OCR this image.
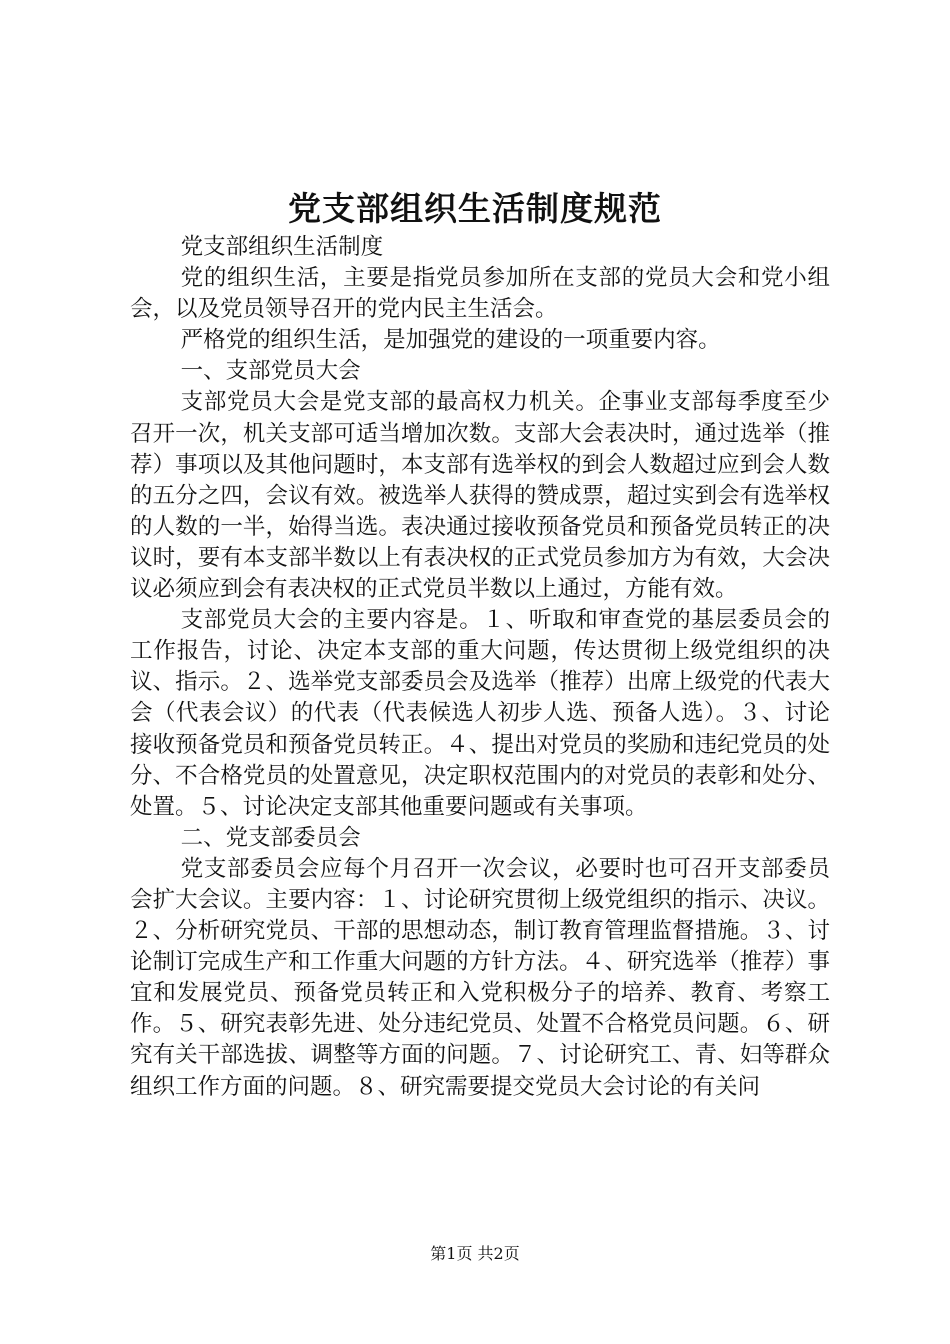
党支部组织生活制度规范

党支部组织生活制度

党的组织生活，主要是指党员参加所在支部的党员大会和党小组会，以及党员领导召开的党内民主生活会。

严格党的组织生活，是加强党的建设的一项重要内容。

一、支部党员大会

支部党员大会是党支部的最高权力机关。企事业支部每季度至少召开一次，机关支部可适当增加次数。支部大会表决时，通过选举（推荐）事项以及其他问题时，本支部有选举权的到会人数超过应到会人数的五分之四，会议有效。被选举人获得的赞成票，超过实到会有选举权的人数的一半，始得当选。表决通过接收预备党员和预备党员转正的决议时，要有本支部半数以上有表决权的正式党员参加方为有效，大会决议必须应到会有表决权的正式党员半数以上通过，方能有效。

支部党员大会的主要内容是。１、听取和审查党的基层委员会的工作报告，讨论、决定本支部的重大问题，传达贯彻上级党组织的决议、指示。２、选举党支部委员会及选举（推荐）出席上级党的代表大会（代表会议）的代表（代表候选人初步人选、预备人选）。３、讨论接收预备党员和预备党员转正。４、提出对党员的奖励和违纪党员的处分、不合格党员的处置意见，决定职权范围内的对党员的表彰和处分、处置。５、讨论决定支部其他重要问题或有关事项。

二、党支部委员会

党支部委员会应每个月召开一次会议，必要时也可召开支部委员会扩大会议。主要内容：１、讨论研究贯彻上级党组织的指示、决议。２、分析研究党员、干部的思想动态，制订教育管理监督措施。３、讨论制订完成生产和工作重大问题的方针方法。４、研究选举（推荐）事宜和发展党员、预备党员转正和入党积极分子的培养、教育、考察工作。５、研究表彰先进、处分违纪党员、处置不合格党员问题。６、研究有关干部选拔、调整等方面的问题。７、讨论研究工、青、妇等群众组织工作方面的问题。８、研究需要提交党员大会讨论的有关问

第1页 共2页
